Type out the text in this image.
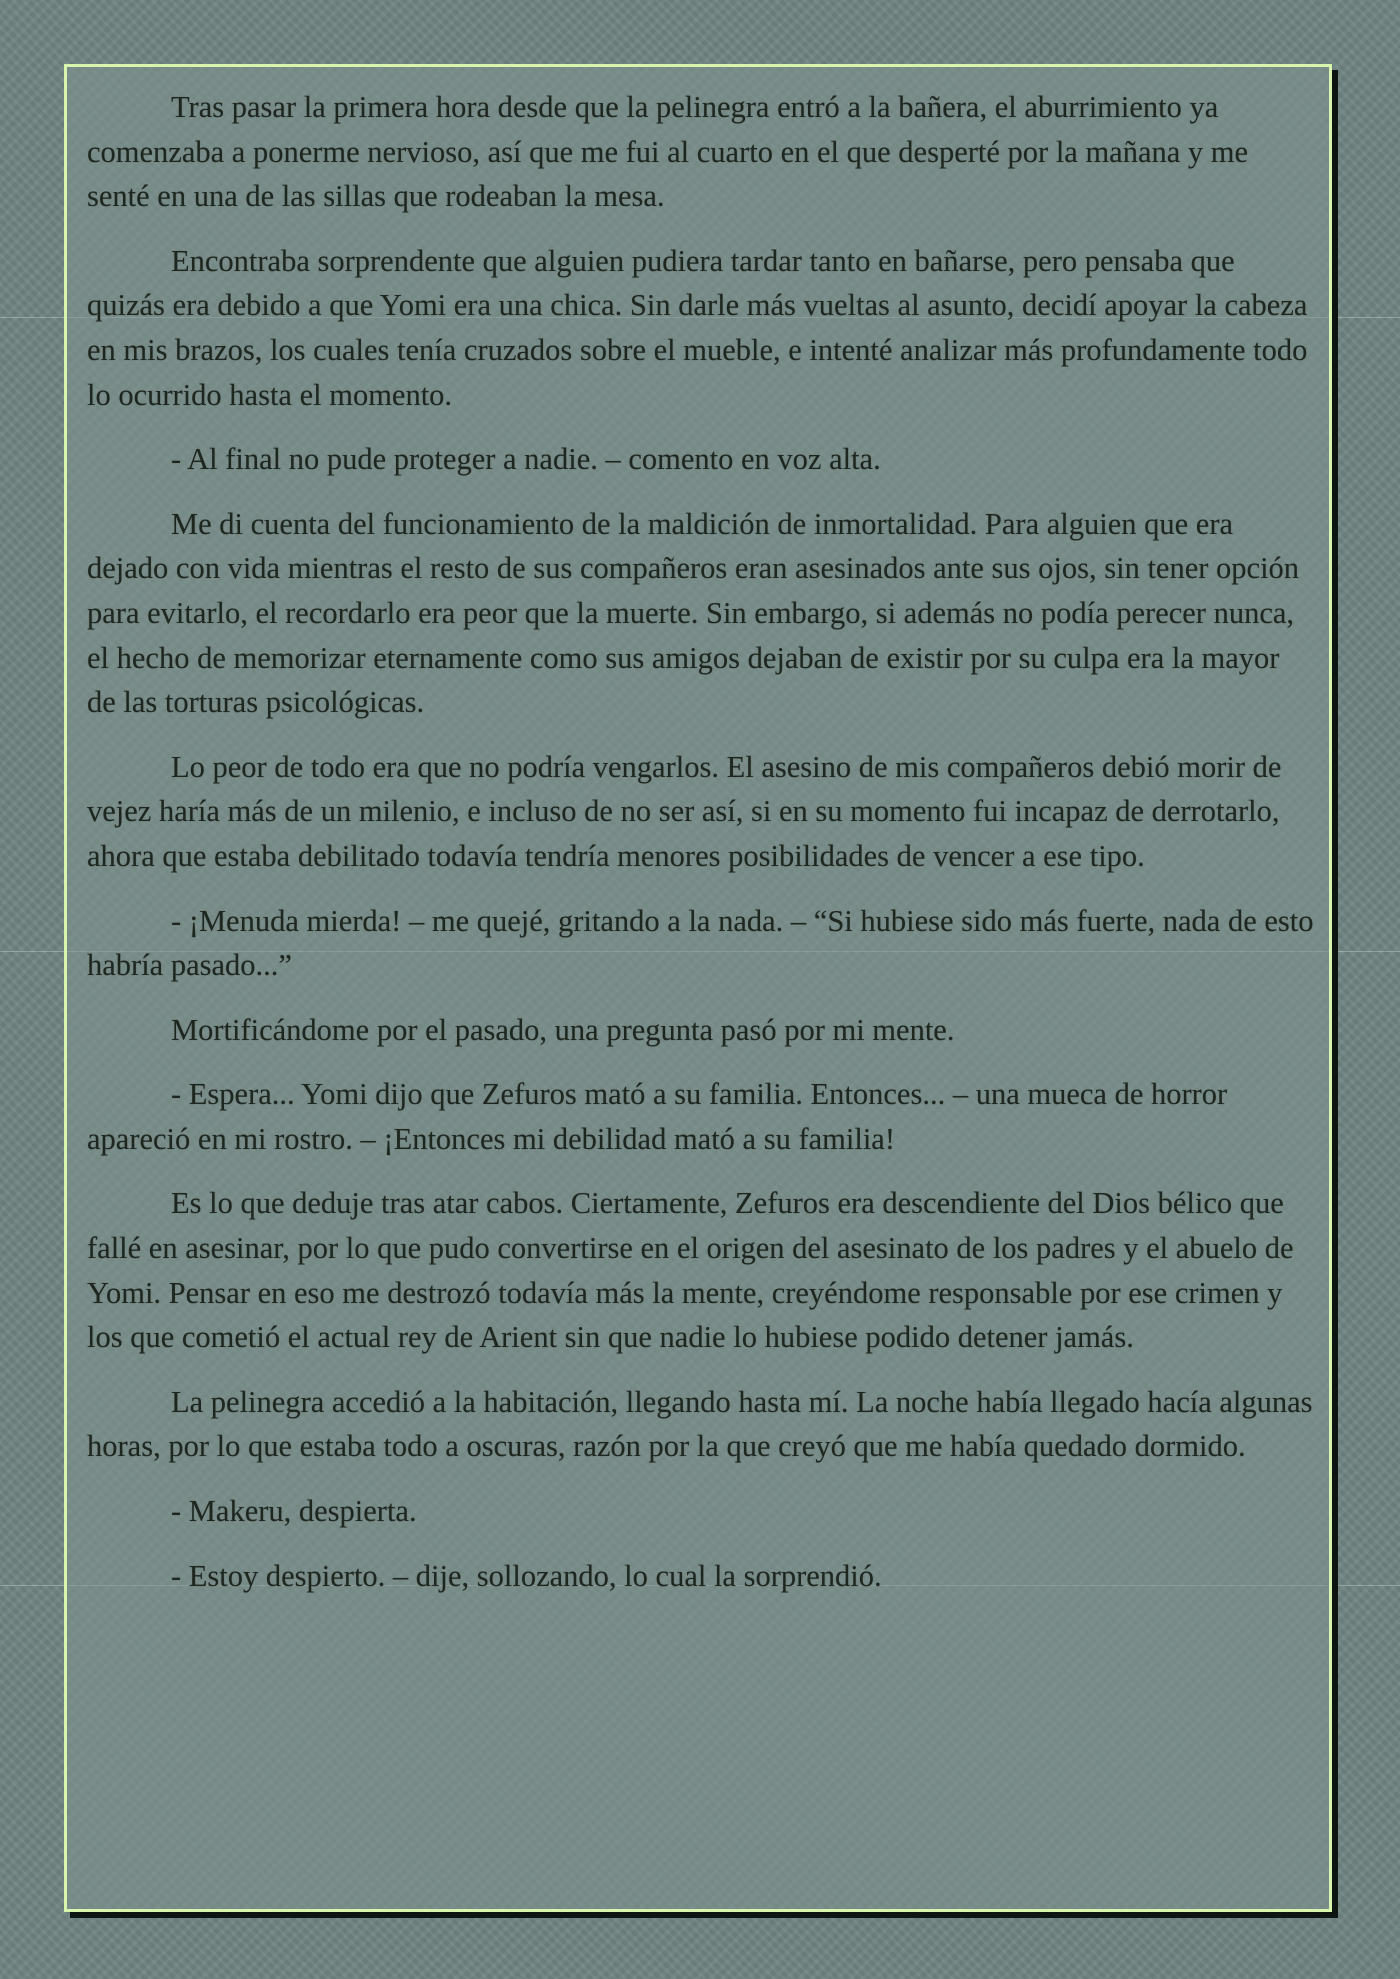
Tras pasar la primera hora desde que la pelinegra entró a la bañera, el aburrimiento ya comenzaba a ponerme nervioso, así que me fui al cuarto en el que desperté por la mañana y me senté en una de las sillas que rodeaban la mesa.

Encontraba sorprendente que alguien pudiera tardar tanto en bañarse, pero pensaba que quizás era debido a que Yomi era una chica. Sin darle más vueltas al asunto, decidí apoyar la cabeza en mis brazos, los cuales tenía cruzados sobre el mueble, e intenté analizar más profundamente todo lo ocurrido hasta el momento.

- Al final no pude proteger a nadie. – comento en voz alta.

Me di cuenta del funcionamiento de la maldición de inmortalidad. Para alguien que era dejado con vida mientras el resto de sus compañeros eran asesinados ante sus ojos, sin tener opción para evitarlo, el recordarlo era peor que la muerte. Sin embargo, si además no podía perecer nunca, el hecho de memorizar eternamente como sus amigos dejaban de existir por su culpa era la mayor de las torturas psicológicas.

Lo peor de todo era que no podría vengarlos. El asesino de mis compañeros debió morir de vejez haría más de un milenio, e incluso de no ser así, si en su momento fui incapaz de derrotarlo, ahora que estaba debilitado todavía tendría menores posibilidades de vencer a ese tipo.

- ¡Menuda mierda! – me quejé, gritando a la nada. – “Si hubiese sido más fuerte, nada de esto habría pasado...”

Mortificándome por el pasado, una pregunta pasó por mi mente.

- Espera... Yomi dijo que Zefuros mató a su familia. Entonces... – una mueca de horror apareció en mi rostro. – ¡Entonces mi debilidad mató a su familia!

Es lo que deduje tras atar cabos. Ciertamente, Zefuros era descendiente del Dios bélico que fallé en asesinar, por lo que pudo convertirse en el origen del asesinato de los padres y el abuelo de Yomi. Pensar en eso me destrozó todavía más la mente, creyéndome responsable por ese crimen y los que cometió el actual rey de Arient sin que nadie lo hubiese podido detener jamás.

La pelinegra accedió a la habitación, llegando hasta mí. La noche había llegado hacía algunas horas, por lo que estaba todo a oscuras, razón por la que creyó que me había quedado dormido.

- Makeru, despierta.

- Estoy despierto. – dije, sollozando, lo cual la sorprendió.
